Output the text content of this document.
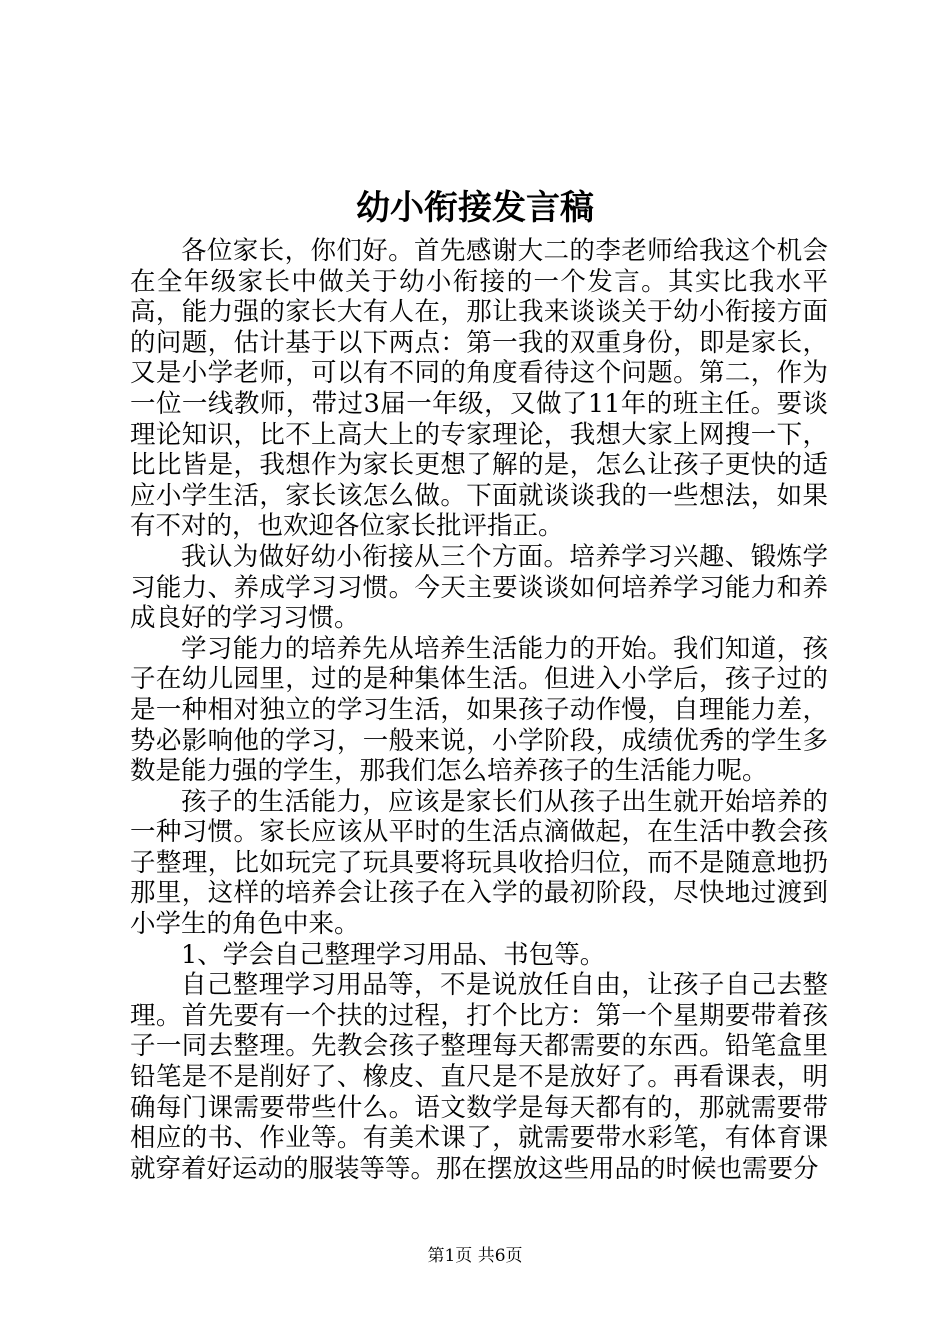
幼小衔接发言稿

各位家长，你们好。首先感谢大二的李老师给我这个机会在全年级家长中做关于幼小衔接的一个发言。其实比我水平高，能力强的家长大有人在，那让我来谈谈关于幼小衔接方面的问题，估计基于以下两点：第一我的双重身份，即是家长，又是小学老师，可以有不同的角度看待这个问题。第二，作为一位一线教师，带过3届一年级，又做了11年的班主任。要谈理论知识，比不上高大上的专家理论，我想大家上网搜一下，比比皆是，我想作为家长更想了解的是，怎么让孩子更快的适应小学生活，家长该怎么做。下面就谈谈我的一些想法，如果有不对的，也欢迎各位家长批评指正。

我认为做好幼小衔接从三个方面。培养学习兴趣、锻炼学习能力、养成学习习惯。今天主要谈谈如何培养学习能力和养成良好的学习习惯。

学习能力的培养先从培养生活能力的开始。我们知道，孩子在幼儿园里，过的是种集体生活。但进入小学后，孩子过的是一种相对独立的学习生活，如果孩子动作慢，自理能力差，势必影响他的学习，一般来说，小学阶段，成绩优秀的学生多数是能力强的学生，那我们怎么培养孩子的生活能力呢。

孩子的生活能力，应该是家长们从孩子出生就开始培养的一种习惯。家长应该从平时的生活点滴做起，在生活中教会孩子整理，比如玩完了玩具要将玩具收拾归位，而不是随意地扔那里，这样的培养会让孩子在入学的最初阶段，尽快地过渡到小学生的角色中来。

1、学会自己整理学习用品、书包等。

自己整理学习用品等，不是说放任自由，让孩子自己去整理。首先要有一个扶的过程，打个比方：第一个星期要带着孩子一同去整理。先教会孩子整理每天都需要的东西。铅笔盒里铅笔是不是削好了、橡皮、直尺是不是放好了。再看课表，明确每门课需要带些什么。语文数学是每天都有的，那就需要带相应的书、作业等。有美术课了，就需要带水彩笔，有体育课就穿着好运动的服装等等。那在摆放这些用品的时候也需要分

第1页 共6页
